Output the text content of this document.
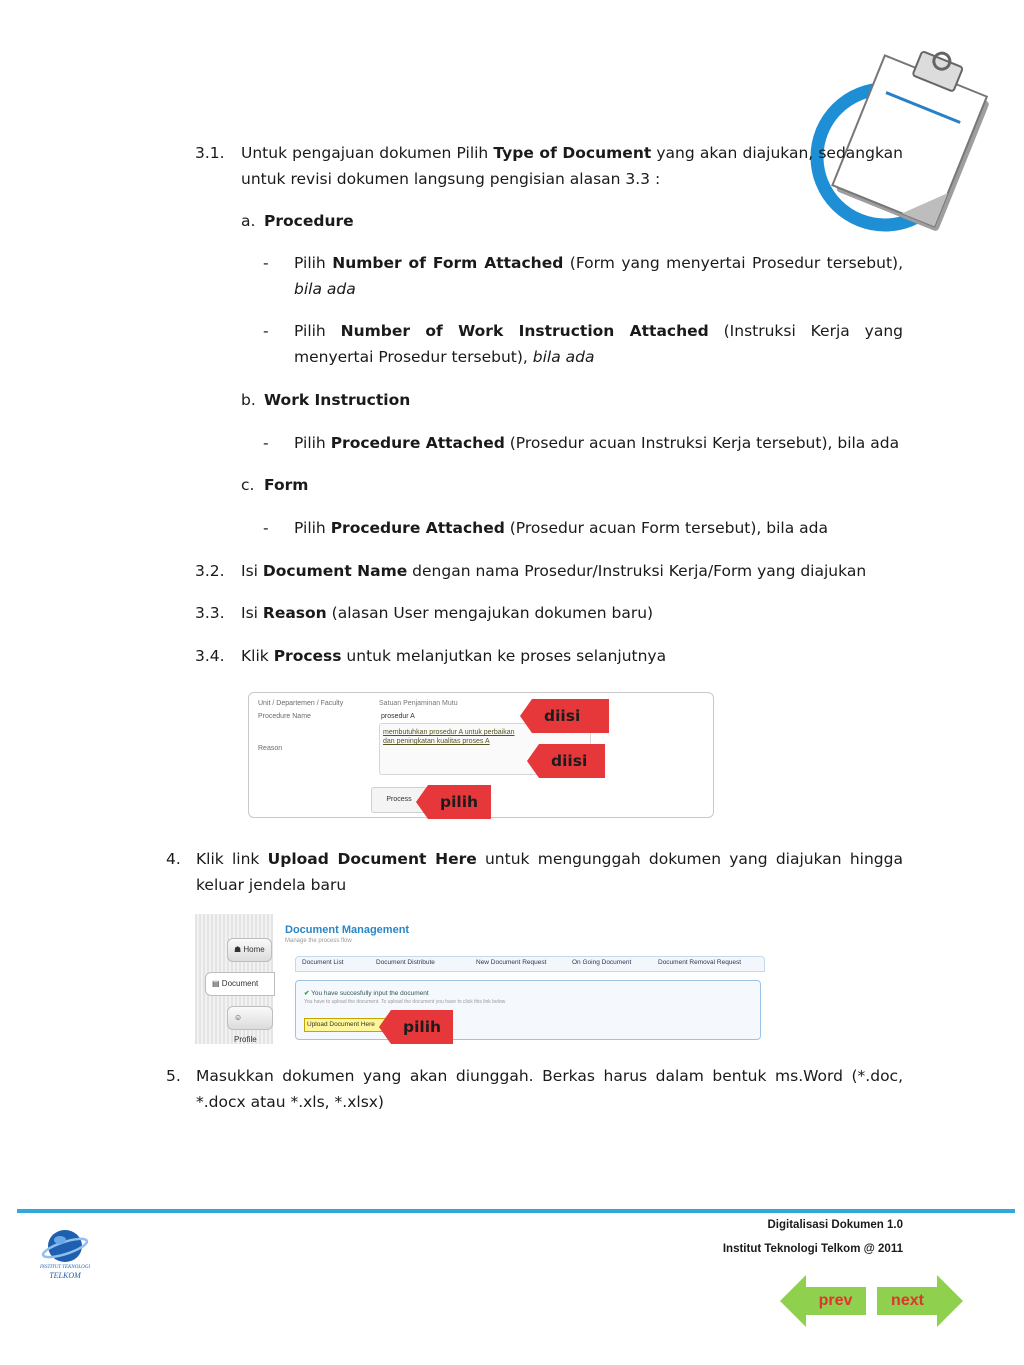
3.1. Untuk pengajuan dokumen Pilih Type of Document yang akan diajukan, sedangkan untuk revisi dokumen langsung pengisian alasan 3.3 :
a. Procedure
- Pilih Number of Form Attached (Form yang menyertai Prosedur tersebut), bila ada
- Pilih Number of Work Instruction Attached (Instruksi Kerja yang menyertai Prosedur tersebut), bila ada
b. Work Instruction
- Pilih Procedure Attached (Prosedur acuan Instruksi Kerja tersebut), bila ada
c. Form
- Pilih Procedure Attached (Prosedur acuan Form tersebut), bila ada
3.2. Isi Document Name dengan nama Prosedur/Instruksi Kerja/Form yang diajukan
3.3. Isi Reason (alasan User mengajukan dokumen baru)
3.4. Klik Process untuk melanjutkan ke proses selanjutnya
Unit / Departemen / Faculty	Satuan Penjaminan Mutu
Procedure Name	prosedur A
Reason
membutuhkan prosedur A untuk perbaikan dan peningkatan kualitas proses A
Process
diisi
diisi
pilih
4. Klik link Upload Document Here untuk mengunggah dokumen yang diajukan hingga keluar jendela baru
☗ Home
▤ Document
☺ Profile
Document Management
Manage the process flow
Document List	Document Distribute	New Document Request	On Going Document	Document Removal Request
✔ You have succesfully input the document
You have to upload the document. To upload the document you have to click this link below
Upload Document Here	pilih
5. Masukkan dokumen yang akan diunggah. Berkas harus dalam bentuk ms.Word (*.doc, *.docx atau *.xls, *.xlsx)
INSTITUT TEKNOLOGI
TELKOM
Digitalisasi Dokumen 1.0
Institut Teknologi Telkom @ 2011
prev	next
